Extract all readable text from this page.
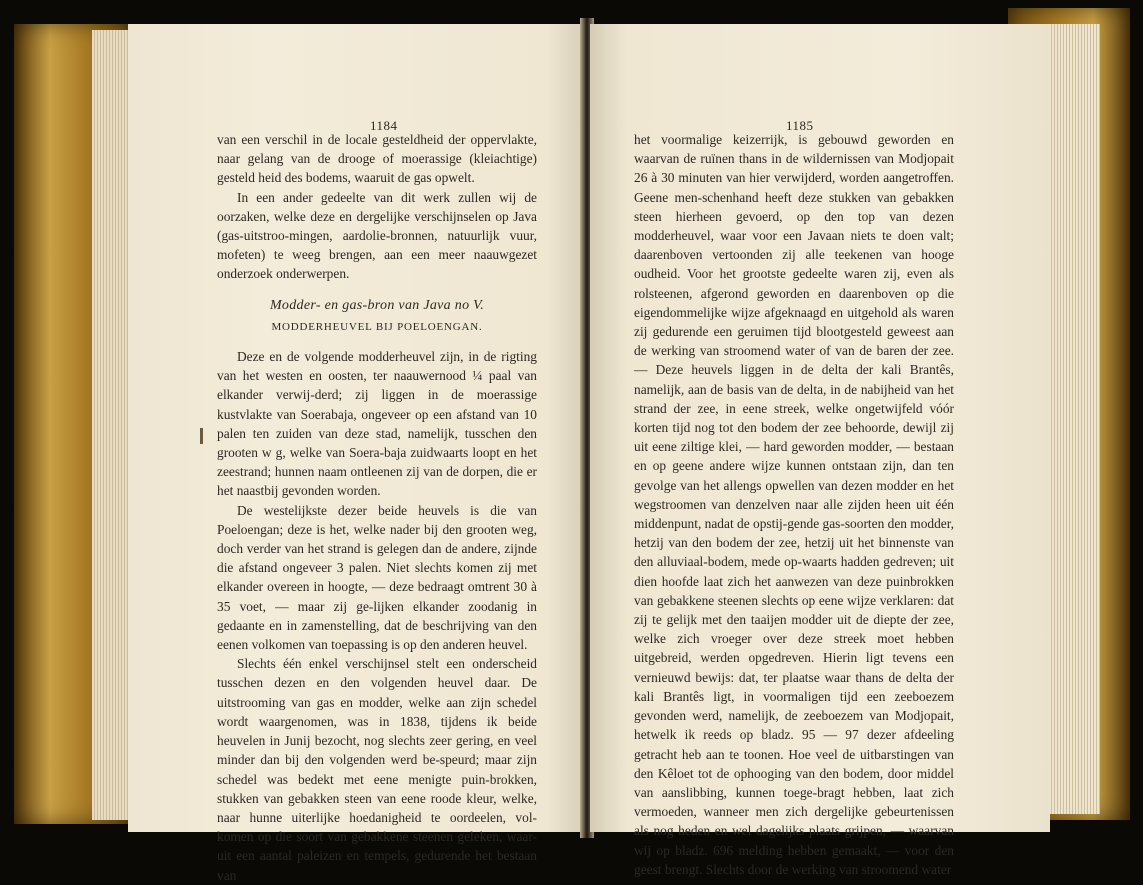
1184

van een verschil in de locale gesteldheid der oppervlakte, naar gelang van de drooge of moerassige (kleiachtige) gesteld heid des bodems, waaruit de gas opwelt.

In een ander gedeelte van dit werk zullen wij de oorzaken, welke deze en dergelijke verschijnselen op Java (gas-uitstroo-mingen, aardolie-bronnen, natuurlijk vuur, mofeten) te weeg brengen, aan een meer naauwgezet onderzoek onderwerpen.

Modder- en gas-bron van Java no V.
MODDERHEUVEL BIJ POELOENGAN.

Deze en de volgende modderheuvel zijn, in de rigting van het westen en oosten, ter naauwernood ¼ paal van elkander verwij-derd; zij liggen in de moerassige kustvlakte van Soerabaja, ongeveer op een afstand van 10 palen ten zuiden van deze stad, namelijk, tusschen den grooten w g, welke van Soera-baja zuidwaarts loopt en het zeestrand; hunnen naam ontleenen zij van de dorpen, die er het naastbij gevonden worden.

De westelijkste dezer beide heuvels is die van Poeloengan; deze is het, welke nader bij den grooten weg, doch verder van het strand is gelegen dan de andere, zijnde die afstand ongeveer 3 palen. Niet slechts komen zij met elkander overeen in hoogte, — deze bedraagt omtrent 30 à 35 voet, — maar zij ge-lijken elkander zoodanig in gedaante en in zamenstelling, dat de beschrijving van den eenen volkomen van toepassing is op den anderen heuvel.

Slechts één enkel verschijnsel stelt een onderscheid tusschen dezen en den volgenden heuvel daar. De uitstrooming van gas en modder, welke aan zijn schedel wordt waargenomen, was in 1838, tijdens ik beide heuvelen in Junij bezocht, nog slechts zeer gering, en veel minder dan bij den volgenden werd be-speurd; maar zijn schedel was bedekt met eene menigte puin-brokken, stukken van gebakken steen van eene roode kleur, welke, naar hunne uiterlijke hoedanigheid te oordeelen, vol-komen op die soort van gebakkene steenen geleken, waar-uit een aantal paleizen en tempels, gedurende het bestaan van

1185

het voormalige keizerrijk, is gebouwd geworden en waarvan de ruïnen thans in de wildernissen van Modjopait 26 à 30 minuten van hier verwijderd, worden aangetroffen. Geene men-schenhand heeft deze stukken van gebakken steen hierheen gevoerd, op den top van dezen modderheuvel, waar voor een Javaan niets te doen valt; daarenboven vertoonden zij alle teekenen van hooge oudheid. Voor het grootste gedeelte waren zij, even als rolsteenen, afgerond geworden en daarenboven op die eigendommelijke wijze afgeknaagd en uitgehold als waren zij gedurende een geruimen tijd blootgesteld geweest aan de werking van stroomend water of van de baren der zee. — Deze heuvels liggen in de delta der kali Brantês, namelijk, aan de basis van de delta, in de nabijheid van het strand der zee, in eene streek, welke ongetwijfeld vóór korten tijd nog tot den bodem der zee behoorde, dewijl zij uit eene ziltige klei, — hard geworden modder, — bestaan en op geene andere wijze kunnen ontstaan zijn, dan ten gevolge van het allengs opwellen van dezen modder en het wegstroomen van denzelven naar alle zijden heen uit één middenpunt, nadat de opstij-gende gas-soorten den modder, hetzij van den bodem der zee, hetzij uit het binnenste van den alluviaal-bodem, mede op-waarts hadden gedreven; uit dien hoofde laat zich het aanwezen van deze puinbrokken van gebakkene steenen slechts op eene wijze verklaren: dat zij te gelijk met den taaijen modder uit de diepte der zee, welke zich vroeger over deze streek moet hebben uitgebreid, werden opgedreven. Hierin ligt tevens een vernieuwd bewijs: dat, ter plaatse waar thans de delta der kali Brantês ligt, in voormaligen tijd een zeeboezem gevonden werd, namelijk, de zeeboezem van Modjopait, hetwelk ik reeds op bladz. 95 — 97 dezer afdeeling getracht heb aan te toonen. Hoe veel de uitbarstingen van den Kêloet tot de ophooging van den bodem, door middel van aanslibbing, kunnen toege-bragt hebben, laat zich vermoeden, wanneer men zich dergelijke gebeurtenissen als nog heden en wel dagelijks plaats grijpen, — waarvan wij op bladz. 696 melding hebben gemaakt, — voor den geest brengt. Slechts door de werking van stroomend water
